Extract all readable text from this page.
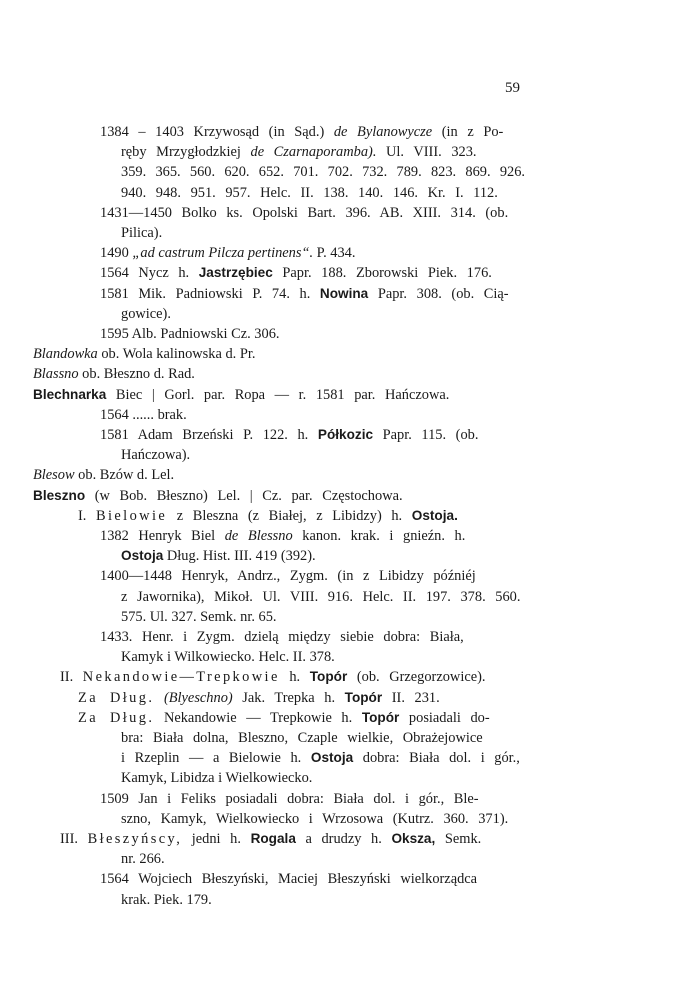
59
1384 – 1403 Krzywosąd (in Sąd.) de Bylanowycze (in z Po-
ręby Mrzygłodzkiej de Czarnaporamba). Ul. VIII. 323.
359. 365. 560. 620. 652. 701. 702. 732. 789. 823. 869. 926.
940. 948. 951. 957. Helc. II. 138. 140. 146. Kr. I. 112.
1431—1450 Bolko ks. Opolski Bart. 396. AB. XIII. 314. (ob.
Pilica).
1490 „ad castrum Pilcza pertinens“. P. 434.
1564 Nycz h. Jastrzębiec Papr. 188. Zborowski Piek. 176.
1581 Mik. Padniowski P. 74. h. Nowina Papr. 308. (ob. Cią-
gowice).
1595 Alb. Padniowski Cz. 306.
Blandowka ob. Wola kalinowska d. Pr.
Blassno ob. Błeszno d. Rad.
Blechnarka Biec | Gorl. par. Ropa — r. 1581 par. Hańczowa.
1564 ...... brak.
1581 Adam Brzeński P. 122. h. Półkozic Papr. 115. (ob.
Hańczowa).
Blesow ob. Bzów d. Lel.
Bleszno (w Bob. Błeszno) Lel. | Cz. par. Częstochowa.
I. Bielowie z Bleszna (z Białej, z Libidzy) h. Ostoja.
1382 Henryk Biel de Blessno kanon. krak. i gnieźn. h.
Ostoja Dług. Hist. III. 419 (392).
1400—1448 Henryk, Andrz., Zygm. (in z Libidzy późniéj
z Jawornika), Mikoł. Ul. VIII. 916. Helc. II. 197. 378. 560.
575. Ul. 327. Semk. nr. 65.
1433. Henr. i Zygm. dzielą między siebie dobra: Biała,
Kamyk i Wilkowiecko. Helc. II. 378.
II. Nekandowie—Trepkowie h. Topór (ob. Grzegorzowice).
Za Dług. (Blyeschno) Jak. Trepka h. Topór II. 231.
Za Dług. Nekandowie — Trepkowie h. Topór posiadali do-
bra: Biała dolna, Bleszno, Czaple wielkie, Obrażejowice
i Rzeplin — a Bielowie h. Ostoja dobra: Biała dol. i gór.,
Kamyk, Libidza i Wielkowiecko.
1509 Jan i Feliks posiadali dobra: Biała dol. i gór., Ble-
szno, Kamyk, Wielkowiecko i Wrzosowa (Kutrz. 360. 371).
III. Błeszyńscy, jedni h. Rogala a drudzy h. Oksza, Semk.
nr. 266.
1564 Wojciech Błeszyński, Maciej Błeszyński wielkorządca
krak. Piek. 179.
